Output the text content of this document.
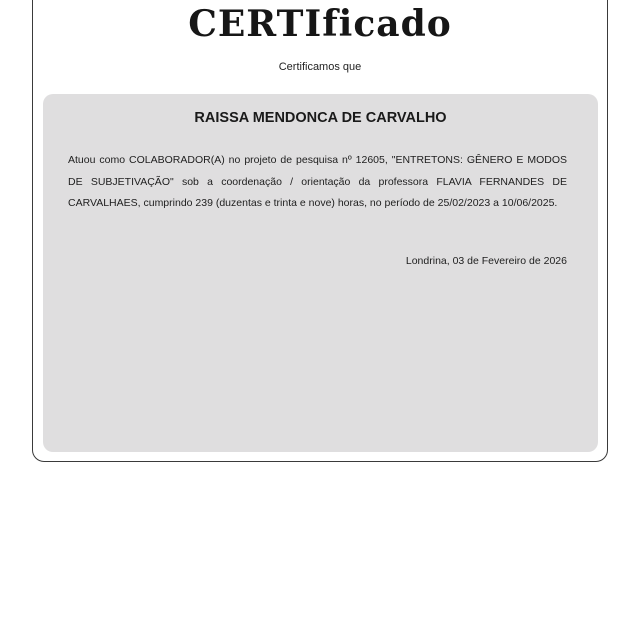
CERTIficado
Certificamos que
RAISSA MENDONCA DE CARVALHO

Atuou como COLABORADOR(A) no projeto de pesquisa nº 12605, "ENTRETONS: GÊNERO E MODOS DE SUBJETIVAÇÃO" sob a coordenação / orientação da professora FLAVIA FERNANDES DE CARVALHAES, cumprindo 239 (duzentas e trinta e nove) horas, no período de 25/02/2023 a 10/06/2025.

Londrina, 03 de Fevereiro de 2026
